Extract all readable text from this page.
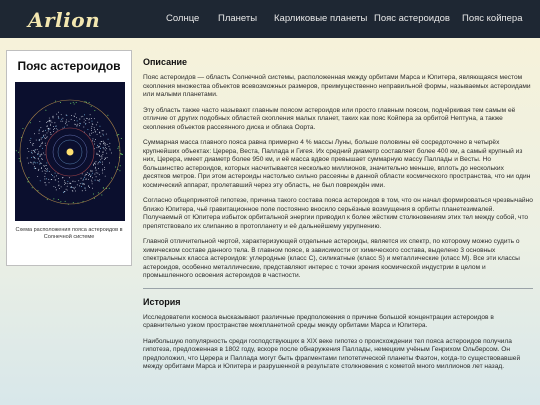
Arlion	Солнце Планеты Карликовые планеты Пояс астероидов Пояс койпера
Пояс астероидов
Схема расположения пояса астероидов в Солнечной системе
Описание

Пояс астероидов — область Солнечной системы, расположенная между орбитами Марса и Юпитера, являющаяся местом скопления множества объектов всевозможных размеров, преимущественно неправильной формы, называемых астероидами или малыми планетами.

Эту область также часто называют главным поясом астероидов или просто главным поясом, подчёркивая тем самым её отличие от других подобных областей скопления малых планет, таких как пояс Койпера за орбитой Нептуна, а также скопления объектов рассеянного диска и облака Оорта.

Суммарная масса главного пояса равна примерно 4 % массы Луны, больше половины её сосредоточено в четырёх крупнейших объектах: Церера, Веста, Паллада и Гигея. Их средний диаметр составляет более 400 км, а самый крупный из них, Церера, имеет диаметр более 950 км, и её масса вдвое превышает суммарную массу Паллады и Весты. Но большинство астероидов, которых насчитывается несколько миллионов, значительно меньше, вплоть до нескольких десятков метров. При этом астероиды настолько сильно рассеяны в данной области космического пространства, что ни один космический аппарат, пролетавший через эту область, не был повреждён ими.

Согласно общепринятой гипотезе, причина такого состава пояса астероидов в том, что он начал формироваться чрезвычайно близко Юпитера, чьё гравитационное поле постоянно вносило серьёзные возмущения в орбиты планетезималей. Получаемый от Юпитера избыток орбитальной энергии приводил к более жёстким столкновениям этих тел между собой, что препятствовало их слипанию в протопланету и её дальнейшему укрупнению.

Главной отличительной чертой, характеризующей отдельные астероиды, является их спектр, по которому можно судить о химическом составе данного тела. В главном поясе, в зависимости от химического состава, выделено 3 основных спектральных класса астероидов: углеродные (класс C), силикатные (класс S) и металлические (класс M). Все эти классы астероидов, особенно металлические, представляют интерес с точки зрения космической индустрии в целом и промышленного освоения астероидов в частности.

История

Исследователи космоса высказывают различные предположения о причине большой концентрации астероидов в сравнительно узком пространстве межпланетной среды между орбитами Марса и Юпитера.

Наибольшую популярность среди господствующих в XIX веке гипотез о происхождении тел пояса астероидов получила гипотеза, предложенная в 1802 году, вскоре после обнаружения Паллады, немецким учёным Генрихом Ольберсом. Он предположил, что Церера и Паллада могут быть фрагментами гипотетической планеты Фаэтон, когда-то существовавшей между орбитами Марса и Юпитера и разрушенной в результате столкновения с кометой много миллионов лет назад.
